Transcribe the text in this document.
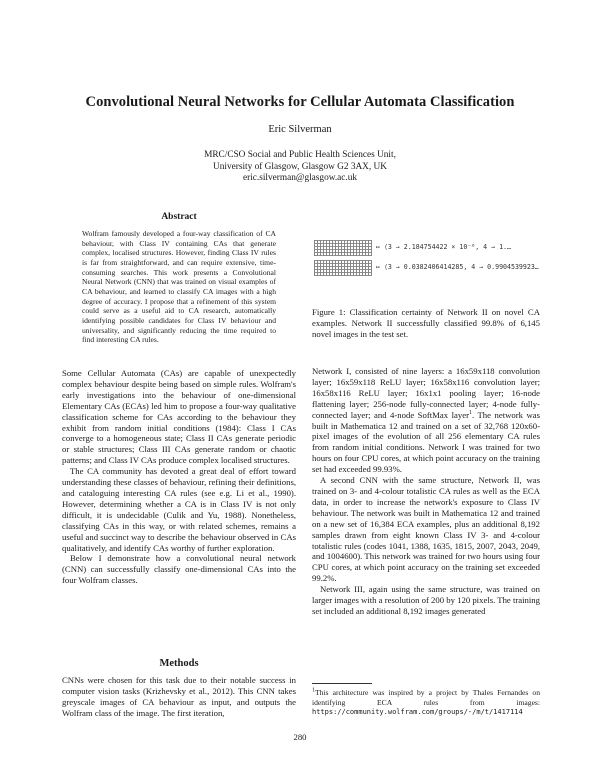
Convolutional Neural Networks for Cellular Automata Classification
Eric Silverman
MRC/CSO Social and Public Health Sciences Unit,
University of Glasgow, Glasgow G2 3AX, UK
eric.silverman@glasgow.ac.uk
Abstract
Wolfram famously developed a four-way classification of CA behaviour, with Class IV containing CAs that generate complex, localised structures. However, finding Class IV rules is far from straightforward, and can require extensive, time-consuming searches. This work presents a Convolutional Neural Network (CNN) that was trained on visual examples of CA behaviour, and learned to classify CA images with a high degree of accuracy. I propose that a refinement of this system could serve as a useful aid to CA research, automatically identifying possible candidates for Class IV behaviour and universality, and significantly reducing the time required to find interesting CA rules.

Some Cellular Automata (CAs) are capable of unexpectedly complex behaviour despite being based on simple rules. Wolfram's early investigations into the behaviour of one-dimensional Elementary CAs (ECAs) led him to propose a four-way qualitative classification scheme for CAs according to the behaviour they exhibit from random initial conditions (1984): Class I CAs converge to a homogeneous state; Class II CAs generate periodic or stable structures; Class III CAs generate random or chaotic patterns; and Class IV CAs produce complex localised structures.

The CA community has devoted a great deal of effort toward understanding these classes of behaviour, refining their definitions, and cataloguing interesting CA rules (see e.g. Li et al., 1990). However, determining whether a CA is in Class IV is not only difficult, it is undecidable (Culik and Yu, 1988). Nonetheless, classifying CAs in this way, or with related schemes, remains a useful and succinct way to describe the behaviour observed in CAs qualitatively, and identify CAs worthy of further exploration.

Below I demonstrate how a convolutional neural network (CNN) can successfully classify one-dimensional CAs into the four Wolfram classes.

Methods

CNNs were chosen for this task due to their notable success in computer vision tasks (Krizhevsky et al., 2012). This CNN takes greyscale images of CA behaviour as input, and outputs the Wolfram class of the image. The first iteration,

↦ ⟨3 → 2.184754422 × 10⁻⁶, 4 → 1.…
↦ ⟨3 → 0.0382406414285, 4 → 0.9904539923…
Figure 1: Classification certainty of Network II on novel CA examples. Network II successfully classified 99.8% of 6,145 novel images in the test set.

Network I, consisted of nine layers: a 16x59x118 convolution layer; 16x59x118 ReLU layer; 16x58x116 convolution layer; 16x58x116 ReLU layer; 16x1x1 pooling layer; 16-node flattening layer; 256-node fully-connected layer; 4-node fully-connected layer; and 4-node SoftMax layer$^1$. The network was built in Mathematica 12 and trained on a set of 32,768 120x60-pixel images of the evolution of all 256 elementary CA rules from random initial conditions. Network I was trained for two hours on four CPU cores, at which point accuracy on the training set had exceeded 99.93%.

A second CNN with the same structure, Network II, was trained on 3- and 4-colour totalistic CA rules as well as the ECA data, in order to increase the network's exposure to Class IV behaviour. The network was built in Mathematica 12 and trained on a new set of 16,384 ECA examples, plus an additional 8,192 samples drawn from eight known Class IV 3- and 4-colour totalistic rules (codes 1041, 1388, 1635, 1815, 2007, 2043, 2049, and 1004600). This network was trained for two hours using four CPU cores, at which point accuracy on the training set exceeded 99.2%.

Network III, again using the same structure, was trained on larger images with a resolution of 200 by 120 pixels. The training set included an additional 8,192 images generated

$^1$This architecture was inspired by a project by Thales Fernandes on identifying ECA rules from images: https://community.wolfram.com/groups/-/m/t/1417114
280
